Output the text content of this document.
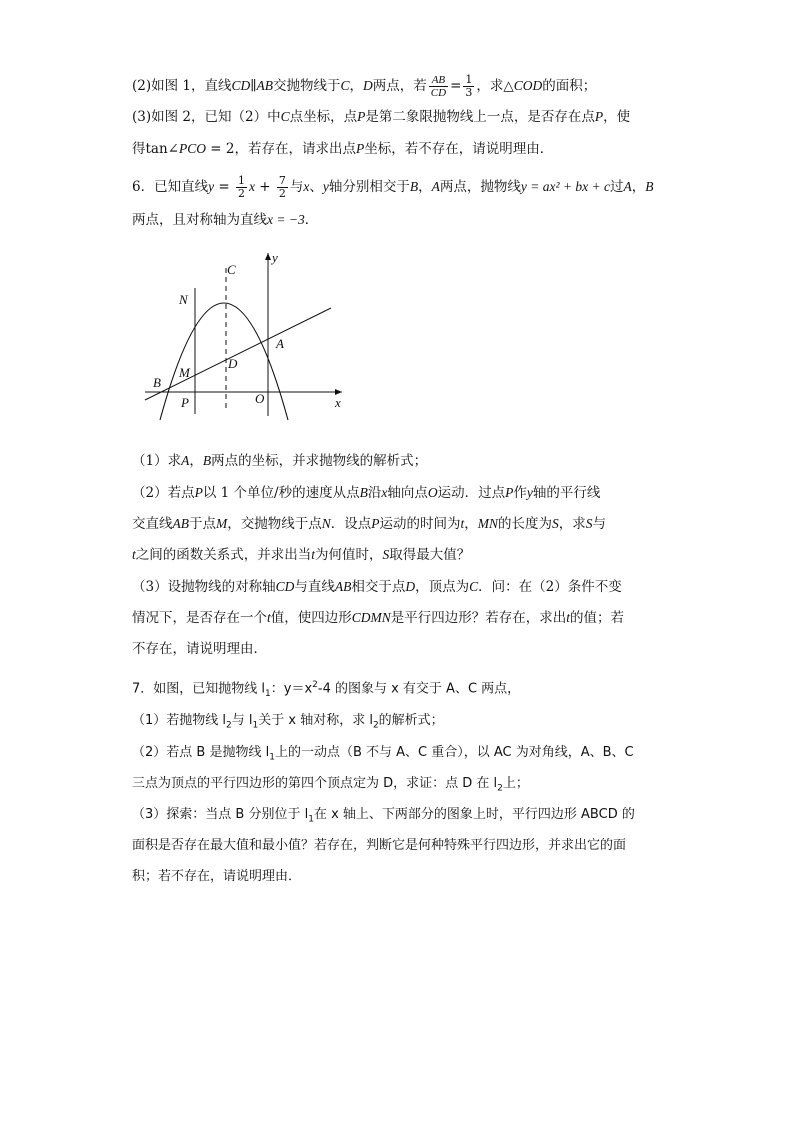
(2)如图 1，直线CD∥AB交抛物线于C，D两点，若 $\frac{AB}{CD} = \frac{1}{3}$ ，求△COD的面积；
(3)如图 2，已知（2）中C点坐标，点P是第二象限抛物线上一点，是否存在点P，使
得tan∠PCO = 2，若存在，请求出点P坐标，若不存在，请说明理由．
6．已知直线$y = \frac{1}{2}$ $x + \frac{7}{2}$ 与x、y轴分别相交于B，A两点，抛物线y = ax² + bx + c过A，B
两点，且对称轴为直线x = −3．
C
y
N
A
D
M
B
P	O	x
（1）求A，B两点的坐标，并求抛物线的解析式；
（2）若点P以 1 个单位/秒的速度从点B沿x轴向点O运动．过点P作y轴的平行线
交直线AB于点M，交抛物线于点N．设点P运动的时间为t，MN的长度为S，求S与
t之间的函数关系式，并求出当t为何值时，S取得最大值？
（3）设抛物线的对称轴CD与直线AB相交于点D，顶点为C．问：在（2）条件不变
情况下，是否存在一个t值，使四边形CDMN是平行四边形？若存在，求出t的值；若
不存在，请说明理由．
7．如图，已知抛物线 $l_1$：$y=x^2-4$ 的图象与 x 有交于 A、C 两点，
（1）若抛物线 $l_2$与 $l_1$关于 x 轴对称，求 $l_2$的解析式；
（2）若点 B 是抛物线 $l_1$上的一动点（B 不与 A、C 重合），以 AC 为对角线，A、B、C
三点为顶点的平行四边形的第四个顶点定为 D，求证：点 D 在 $l_2$上；
（3）探索：当点 B 分别位于 $l_1$在 x 轴上、下两部分的图象上时，平行四边形 ABCD 的
面积是否存在最大值和最小值？若存在，判断它是何种特殊平行四边形，并求出它的面
积；若不存在，请说明理由．
